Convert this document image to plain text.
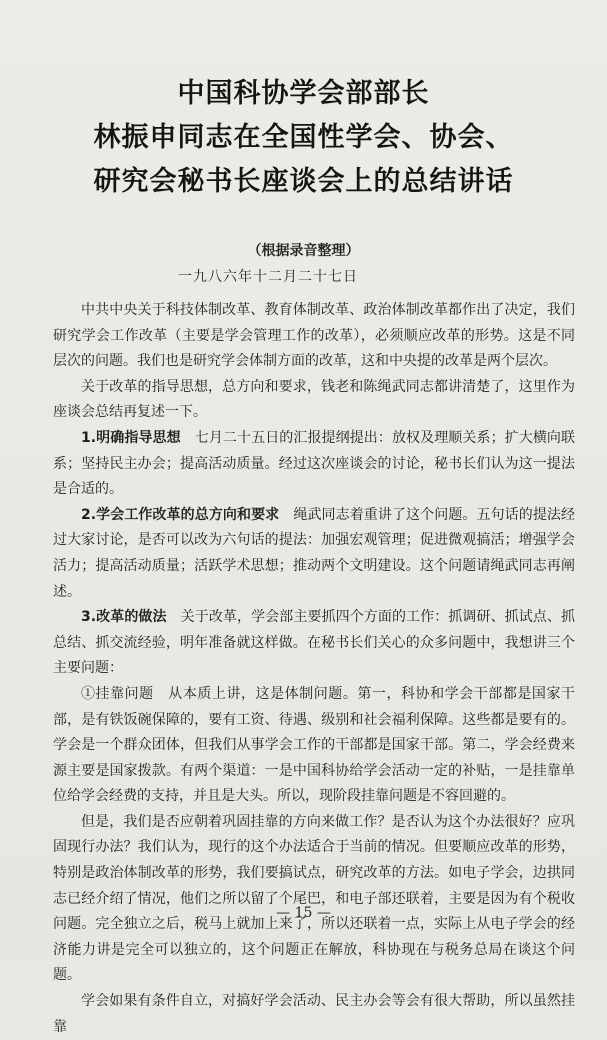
中国科协学会部部长
林振申同志在全国性学会、协会、
研究会秘书长座谈会上的总结讲话
（根据录音整理）
一九八六年十二月二十七日

中共中央关于科技体制改革、教育体制改革、政治体制改革都作出了决定，我们研究学会工作改革（主要是学会管理工作的改革），必须顺应改革的形势。这是不同层次的问题。我们也是研究学会体制方面的改革，这和中央提的改革是两个层次。

关于改革的指导思想，总方向和要求，钱老和陈绳武同志都讲清楚了，这里作为座谈会总结再复述一下。

1.明确指导思想　七月二十五日的汇报提纲提出：放权及理顺关系；扩大横向联系；坚持民主办会；提高活动质量。经过这次座谈会的讨论，秘书长们认为这一提法是合适的。

2.学会工作改革的总方向和要求　绳武同志着重讲了这个问题。五句话的提法经过大家讨论，是否可以改为六句话的提法：加强宏观管理；促进微观搞活；增强学会活力；提高活动质量；活跃学术思想；推动两个文明建设。这个问题请绳武同志再阐述。

3.改革的做法　关于改革，学会部主要抓四个方面的工作：抓调研、抓试点、抓总结、抓交流经验，明年准备就这样做。在秘书长们关心的众多问题中，我想讲三个主要问题：

①挂靠问题　从本质上讲，这是体制问题。第一，科协和学会干部都是国家干部，是有铁饭碗保障的，要有工资、待遇、级别和社会福利保障。这些都是要有的。学会是一个群众团体，但我们从事学会工作的干部都是国家干部。第二，学会经费来源主要是国家拨款。有两个渠道：一是中国科协给学会活动一定的补贴，一是挂靠单位给学会经费的支持，并且是大头。所以，现阶段挂靠问题是不容回避的。

但是，我们是否应朝着巩固挂靠的方向来做工作？是否认为这个办法很好？应巩固现行办法？我们认为，现行的这个办法适合于当前的情况。但要顺应改革的形势，特别是政治体制改革的形势，我们要搞试点，研究改革的方法。如电子学会，边拱同志已经介绍了情况，他们之所以留了个尾巴，和电子部还联着，主要是因为有个税收问题。完全独立之后，税马上就加上来了，所以还联着一点，实际上从电子学会的经济能力讲是完全可以独立的，这个问题正在解放，科协现在与税务总局在谈这个问题。

学会如果有条件自立，对搞好学会活动、民主办会等会有很大帮助，所以虽然挂靠

— 15 —
